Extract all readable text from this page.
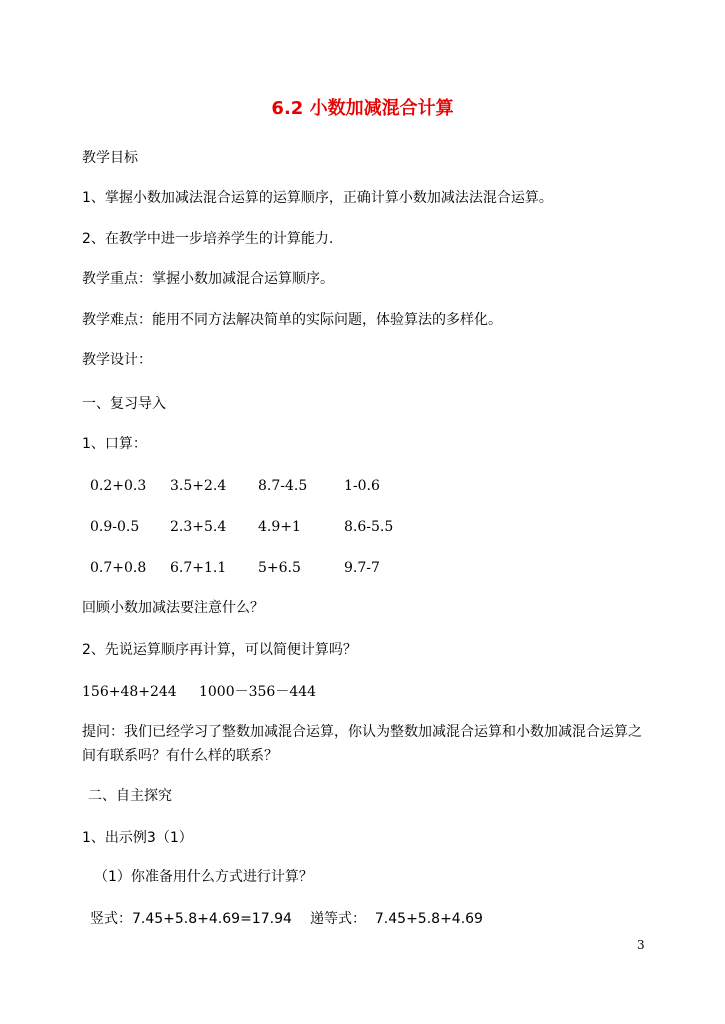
6.2 小数加减混合计算
教学目标
1、掌握小数加减法混合运算的运算顺序，正确计算小数加减法法混合运算。
2、在教学中进一步培养学生的计算能力.
教学重点：掌握小数加减混合运算顺序。
教学难点：能用不同方法解决简单的实际问题，体验算法的多样化。
教学设计：
一、复习导入
1、口算：
0.2+0.3 3.5+2.4 8.7-4.5	1-0.6
0.9-0.5 2.3+5.4 4.9+1	8.6-5.5
0.7+0.8 6.7+1.1 5+6.5	9.7-7
回顾小数加减法要注意什么？
2、先说运算顺序再计算，可以简便计算吗？
156+48+244     1000－356－444
提问：我们已经学习了整数加减混合运算，你认为整数加减混合运算和小数加减混合运算之间有联系吗？有什么样的联系？
二、自主探究
1、出示例3（1）
（1）你准备用什么方式进行计算？
竖式：7.45+5.8+4.69=17.94 递等式：  7.45+5.8+4.69
3
